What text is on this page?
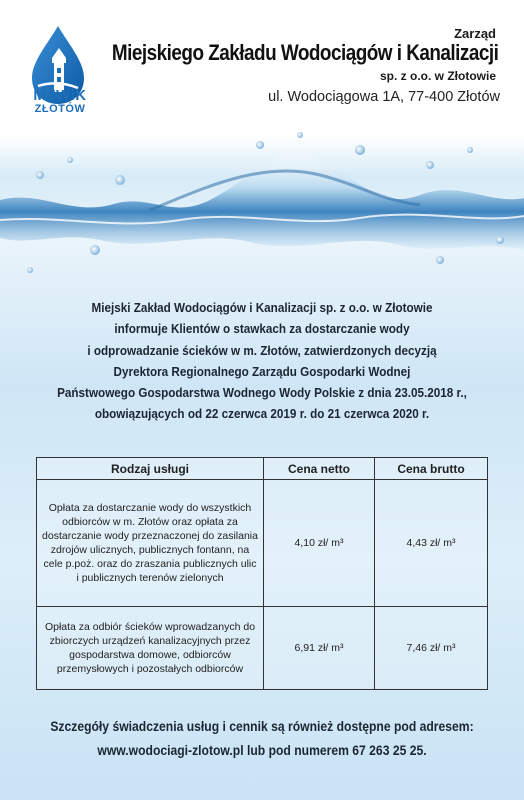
MZWiK
ZŁOTÓW
Zarząd
Miejskiego Zakładu Wodociągów i Kanalizacji
sp. z o.o. w Złotowie
ul. Wodociągowa 1A, 77-400 Złotów
Miejski Zakład Wodociągów i Kanalizacji sp. z o.o. w Złotowie
informuje Klientów o stawkach za dostarczanie wody
i odprowadzanie ścieków w m. Złotów, zatwierdzonych decyzją
Dyrektora Regionalnego Zarządu Gospodarki Wodnej
Państwowego Gospodarstwa Wodnego Wody Polskie z dnia 23.05.2018 r.,
obowiązujących od 22 czerwca 2019 r. do 21 czerwca 2020 r.
Rodzaj usługi	Cena netto	Cena brutto
Opłata za dostarczanie wody do wszystkich odbiorców w m. Złotów oraz opłata za dostarczanie wody przeznaczonej do zasilania zdrojów ulicznych, publicznych fontann, na cele p.poż. oraz do zraszania publicznych ulic i publicznych terenów zielonych	4,10 zł/ m³	4,43 zł/ m³
Opłata za odbiór ścieków wprowadzanych do zbiorczych urządzeń kanalizacyjnych przez gospodarstwa domowe, odbiorców przemysłowych i pozostałych odbiorców	6,91 zł/ m³	7,46 zł/ m³
Szczegóły świadczenia usług i cennik są również dostępne pod adresem:
www.wodociagi-zlotow.pl lub pod numerem 67 263 25 25.
